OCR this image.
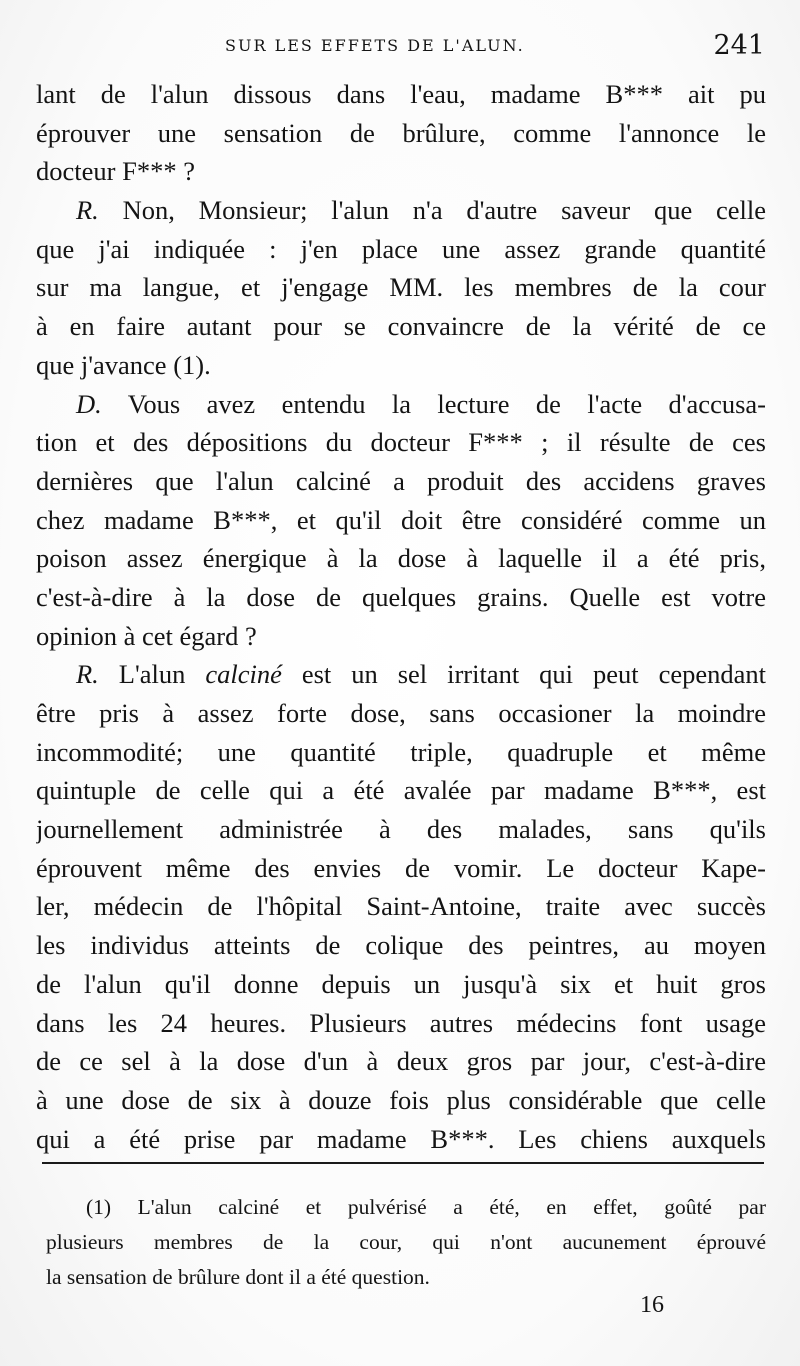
SUR LES EFFETS DE L'ALUN.	241
lant de l'alun dissous dans l'eau, madame B*** ait pu
éprouver une sensation de brûlure, comme l'annonce le
docteur F*** ?
R. Non, Monsieur; l'alun n'a d'autre saveur que celle
que j'ai indiquée : j'en place une assez grande quantité
sur ma langue, et j'engage MM. les membres de la cour
à en faire autant pour se convaincre de la vérité de ce
que j'avance (1).
D. Vous avez entendu la lecture de l'acte d'accusa-
tion et des dépositions du docteur F*** ; il résulte de ces
dernières que l'alun calciné a produit des accidens graves
chez madame B***, et qu'il doit être considéré comme un
poison assez énergique à la dose à laquelle il a été pris,
c'est-à-dire à la dose de quelques grains. Quelle est votre
opinion à cet égard ?
R. L'alun calciné est un sel irritant qui peut cependant
être pris à assez forte dose, sans occasioner la moindre
incommodité; une quantité triple, quadruple et même
quintuple de celle qui a été avalée par madame B***, est
journellement administrée à des malades, sans qu'ils
éprouvent même des envies de vomir. Le docteur Kape-
ler, médecin de l'hôpital Saint-Antoine, traite avec succès
les individus atteints de colique des peintres, au moyen
de l'alun qu'il donne depuis un jusqu'à six et huit gros
dans les 24 heures. Plusieurs autres médecins font usage
de ce sel à la dose d'un à deux gros par jour, c'est-à-dire
à une dose de six à douze fois plus considérable que celle
qui a été prise par madame B***. Les chiens auxquels
(1) L'alun calciné et pulvérisé a été, en effet, goûté par
plusieurs membres de la cour, qui n'ont aucunement éprouvé
la sensation de brûlure dont il a été question.
16
